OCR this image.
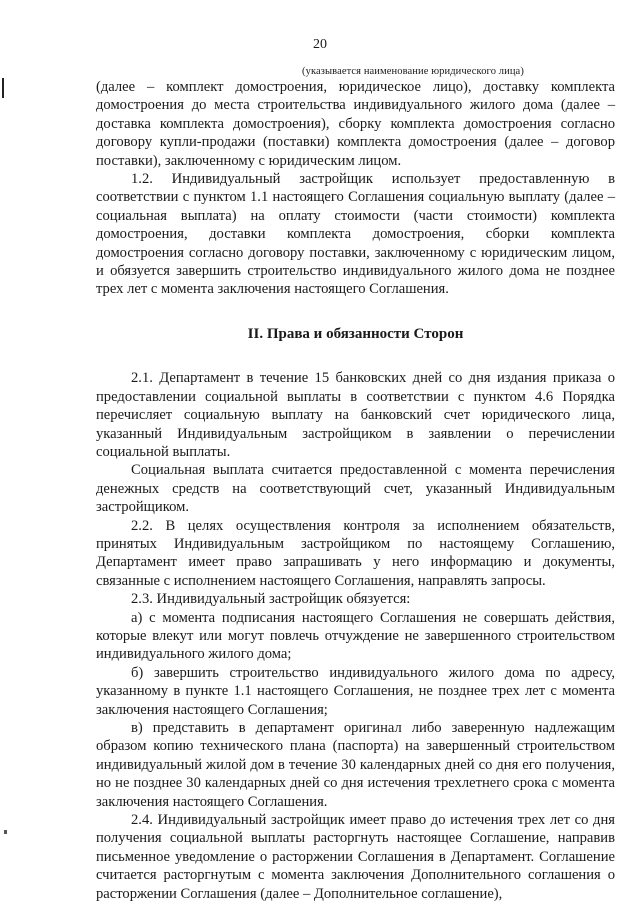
20
(указывается наименование юридического лица)

(далее – комплект домостроения, юридическое лицо), доставку комплекта домостроения до места строительства индивидуального жилого дома (далее – доставка комплекта домостроения), сборку комплекта домостроения согласно договору купли-продажи (поставки) комплекта домостроения (далее – договор поставки), заключенному с юридическим лицом.

1.2. Индивидуальный застройщик использует предоставленную в соответствии с пунктом 1.1 настоящего Соглашения социальную выплату (далее – социальная выплата) на оплату стоимости (части стоимости) комплекта домостроения, доставки комплекта домостроения, сборки комплекта домостроения согласно договору поставки, заключенному с юридическим лицом, и обязуется завершить строительство индивидуального жилого дома не позднее трех лет с момента заключения настоящего Соглашения.

II. Права и обязанности Сторон

2.1. Департамент в течение 15 банковских дней со дня издания приказа о предоставлении социальной выплаты в соответствии с пунктом 4.6 Порядка перечисляет социальную выплату на банковский счет юридического лица, указанный Индивидуальным застройщиком в заявлении о перечислении социальной выплаты.

Социальная выплата считается предоставленной с момента перечисления денежных средств на соответствующий счет, указанный Индивидуальным застройщиком.

2.2. В целях осуществления контроля за исполнением обязательств, принятых Индивидуальным застройщиком по настоящему Соглашению, Департамент имеет право запрашивать у него информацию и документы, связанные с исполнением настоящего Соглашения, направлять запросы.

2.3. Индивидуальный застройщик обязуется:

а) с момента подписания настоящего Соглашения не совершать действия, которые влекут или могут повлечь отчуждение не завершенного строительством индивидуального жилого дома;

б) завершить строительство индивидуального жилого дома по адресу, указанному в пункте 1.1 настоящего Соглашения, не позднее трех лет с момента заключения настоящего Соглашения;

в) представить в департамент оригинал либо заверенную надлежащим образом копию технического плана (паспорта) на завершенный строительством индивидуальный жилой дом в течение 30 календарных дней со дня его получения, но не позднее 30 календарных дней со дня истечения трехлетнего срока с момента заключения настоящего Соглашения.

2.4. Индивидуальный застройщик имеет право до истечения трех лет со дня получения социальной выплаты расторгнуть настоящее Соглашение, направив письменное уведомление о расторжении Соглашения в Департамент. Соглашение считается расторгнутым с момента заключения Дополнительного соглашения о расторжении Соглашения (далее – Дополнительное соглашение),
